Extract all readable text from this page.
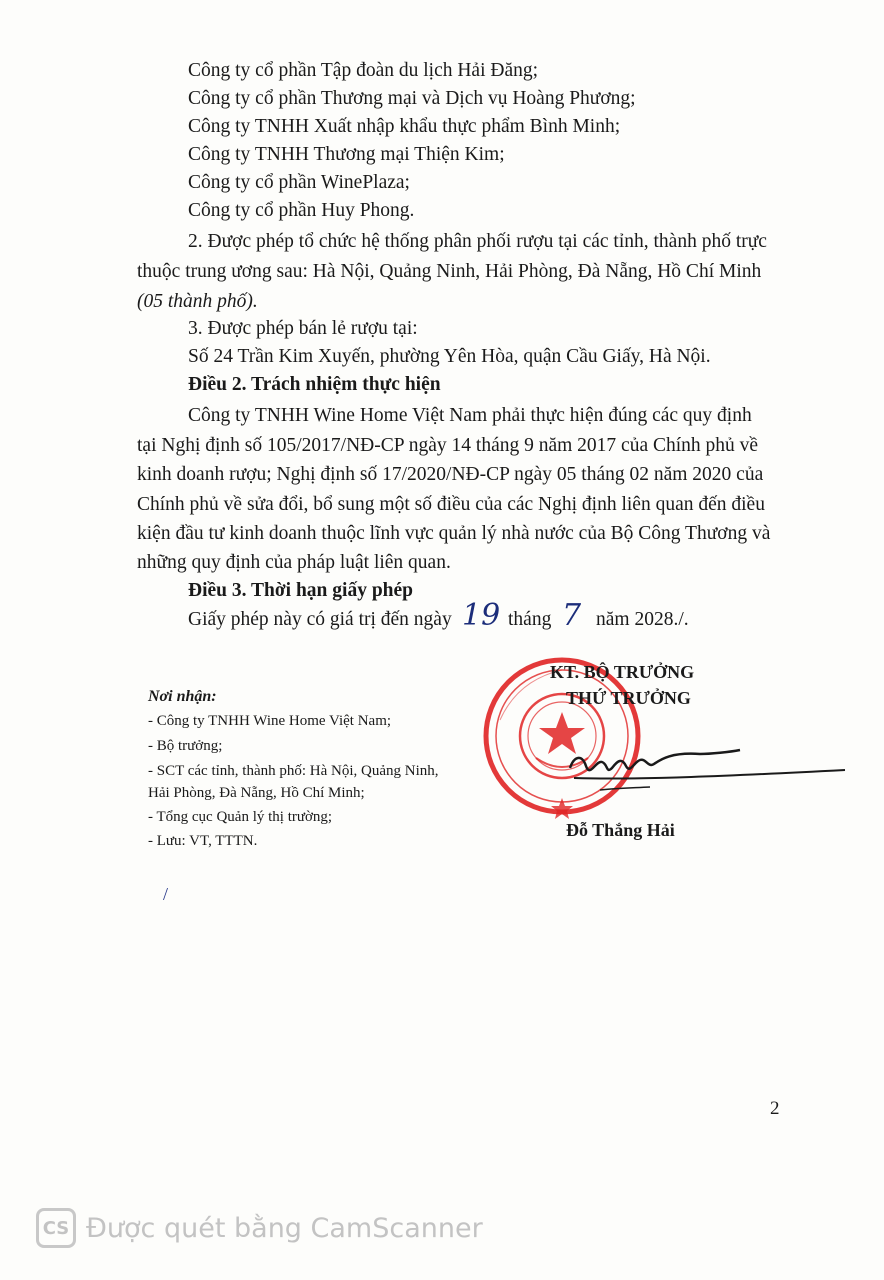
Công ty cổ phần Tập đoàn du lịch Hải Đăng;
Công ty cổ phần Thương mại và Dịch vụ Hoàng Phương;
Công ty TNHH Xuất nhập khẩu thực phẩm Bình Minh;
Công ty TNHH Thương mại Thiện Kim;
Công ty cổ phần WinePlaza;
Công ty cổ phần Huy Phong.
2. Được phép tổ chức hệ thống phân phối rượu tại các tỉnh, thành phố trực
thuộc trung ương sau: Hà Nội, Quảng Ninh, Hải Phòng, Đà Nẵng, Hồ Chí Minh
(05 thành phố).
3. Được phép bán lẻ rượu tại:
Số 24 Trần Kim Xuyến, phường Yên Hòa, quận Cầu Giấy, Hà Nội.
Điều 2. Trách nhiệm thực hiện
Công ty TNHH Wine Home Việt Nam phải thực hiện đúng các quy định
tại Nghị định số 105/2017/NĐ-CP ngày 14 tháng 9 năm 2017 của Chính phủ về
kinh doanh rượu; Nghị định số 17/2020/NĐ-CP ngày 05 tháng 02 năm 2020 của
Chính phủ về sửa đổi, bổ sung một số điều của các Nghị định liên quan đến điều
kiện đầu tư kinh doanh thuộc lĩnh vực quản lý nhà nước của Bộ Công Thương và
những quy định của pháp luật liên quan.
Điều 3. Thời hạn giấy phép
Giấy phép này có giá trị đến ngày 19 tháng 7 năm 2028./.
Nơi nhận:
- Công ty TNHH Wine Home Việt Nam;
- Bộ trưởng;
- SCT các tỉnh, thành phố: Hà Nội, Quảng Ninh,
Hải Phòng, Đà Nẵng, Hồ Chí Minh;
- Tổng cục Quản lý thị trường;
- Lưu: VT, TTTN.
KT. BỘ TRƯỞNG
THỨ TRƯỞNG
Đỗ Thắng Hải
/
2
CS Được quét bằng CamScanner
